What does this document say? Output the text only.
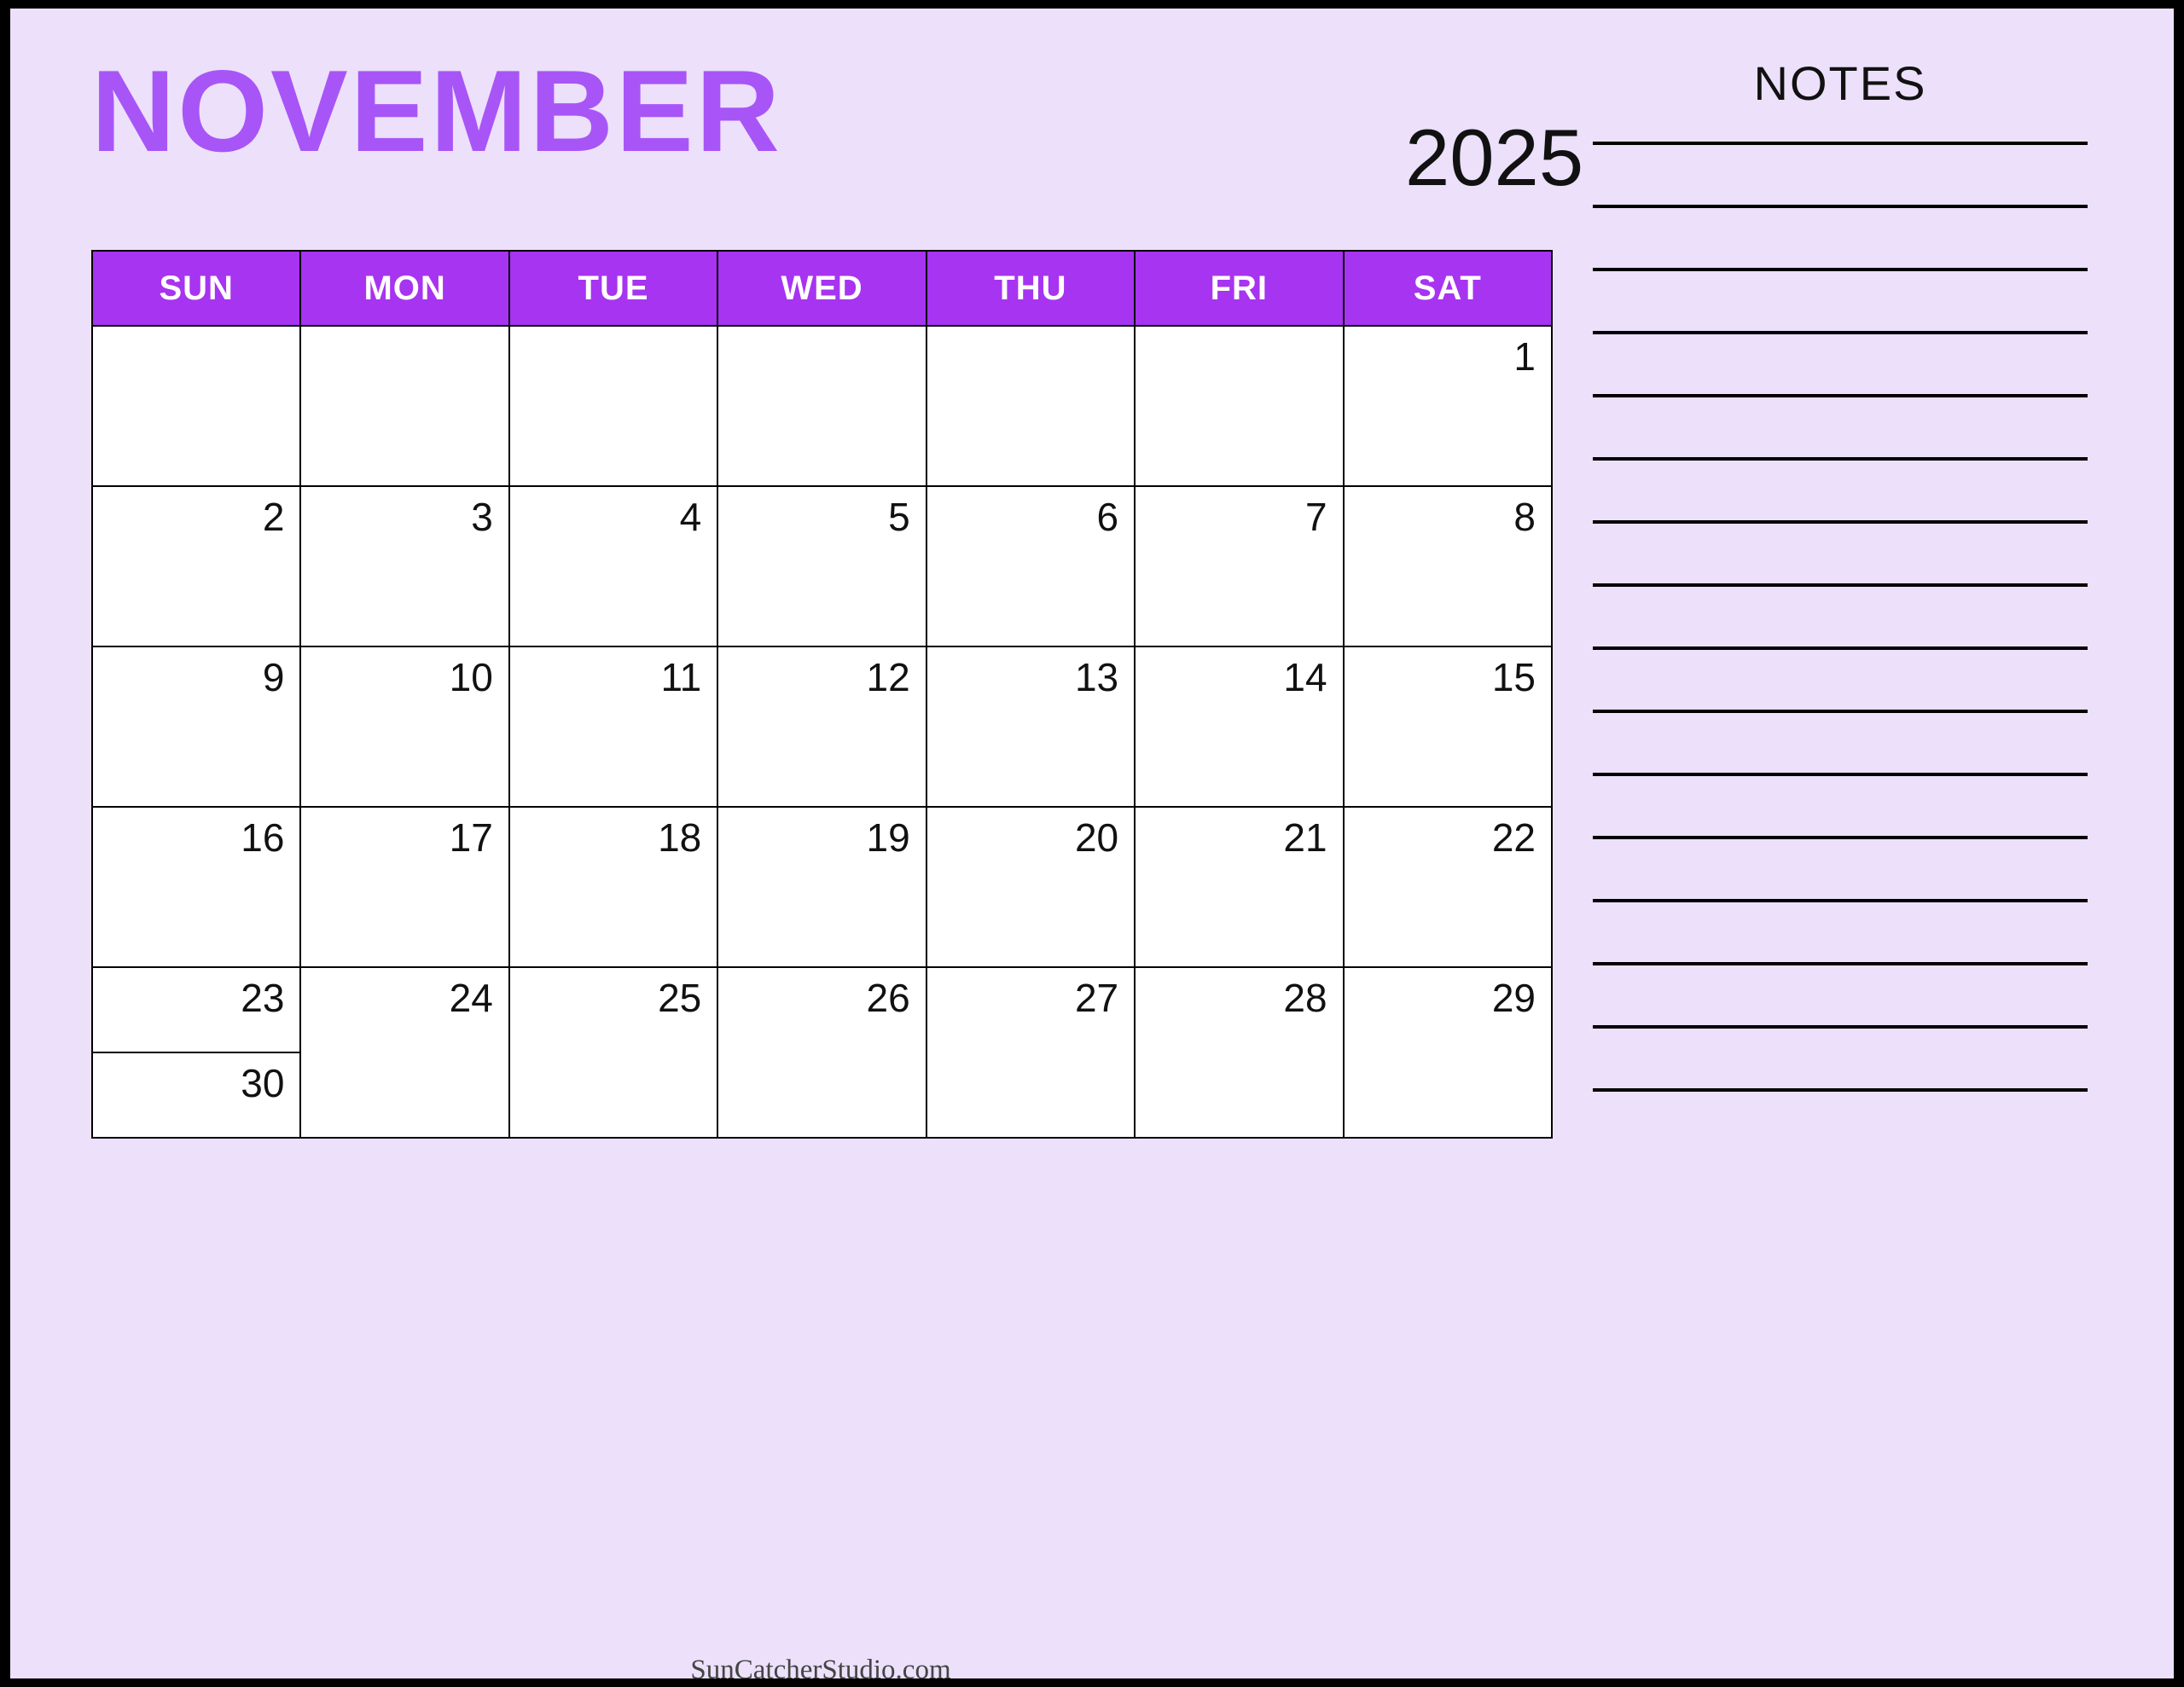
NOVEMBER	2025
SUN	MON	TUE	WED	THU	FRI	SAT
						1
2	3	4	5	6	7	8
9	10	11	12	13	14	15
16	17	18	19	20	21	22
23	24	25	26	27	28	29
30						
NOTES
SunCatcherStudio.com
